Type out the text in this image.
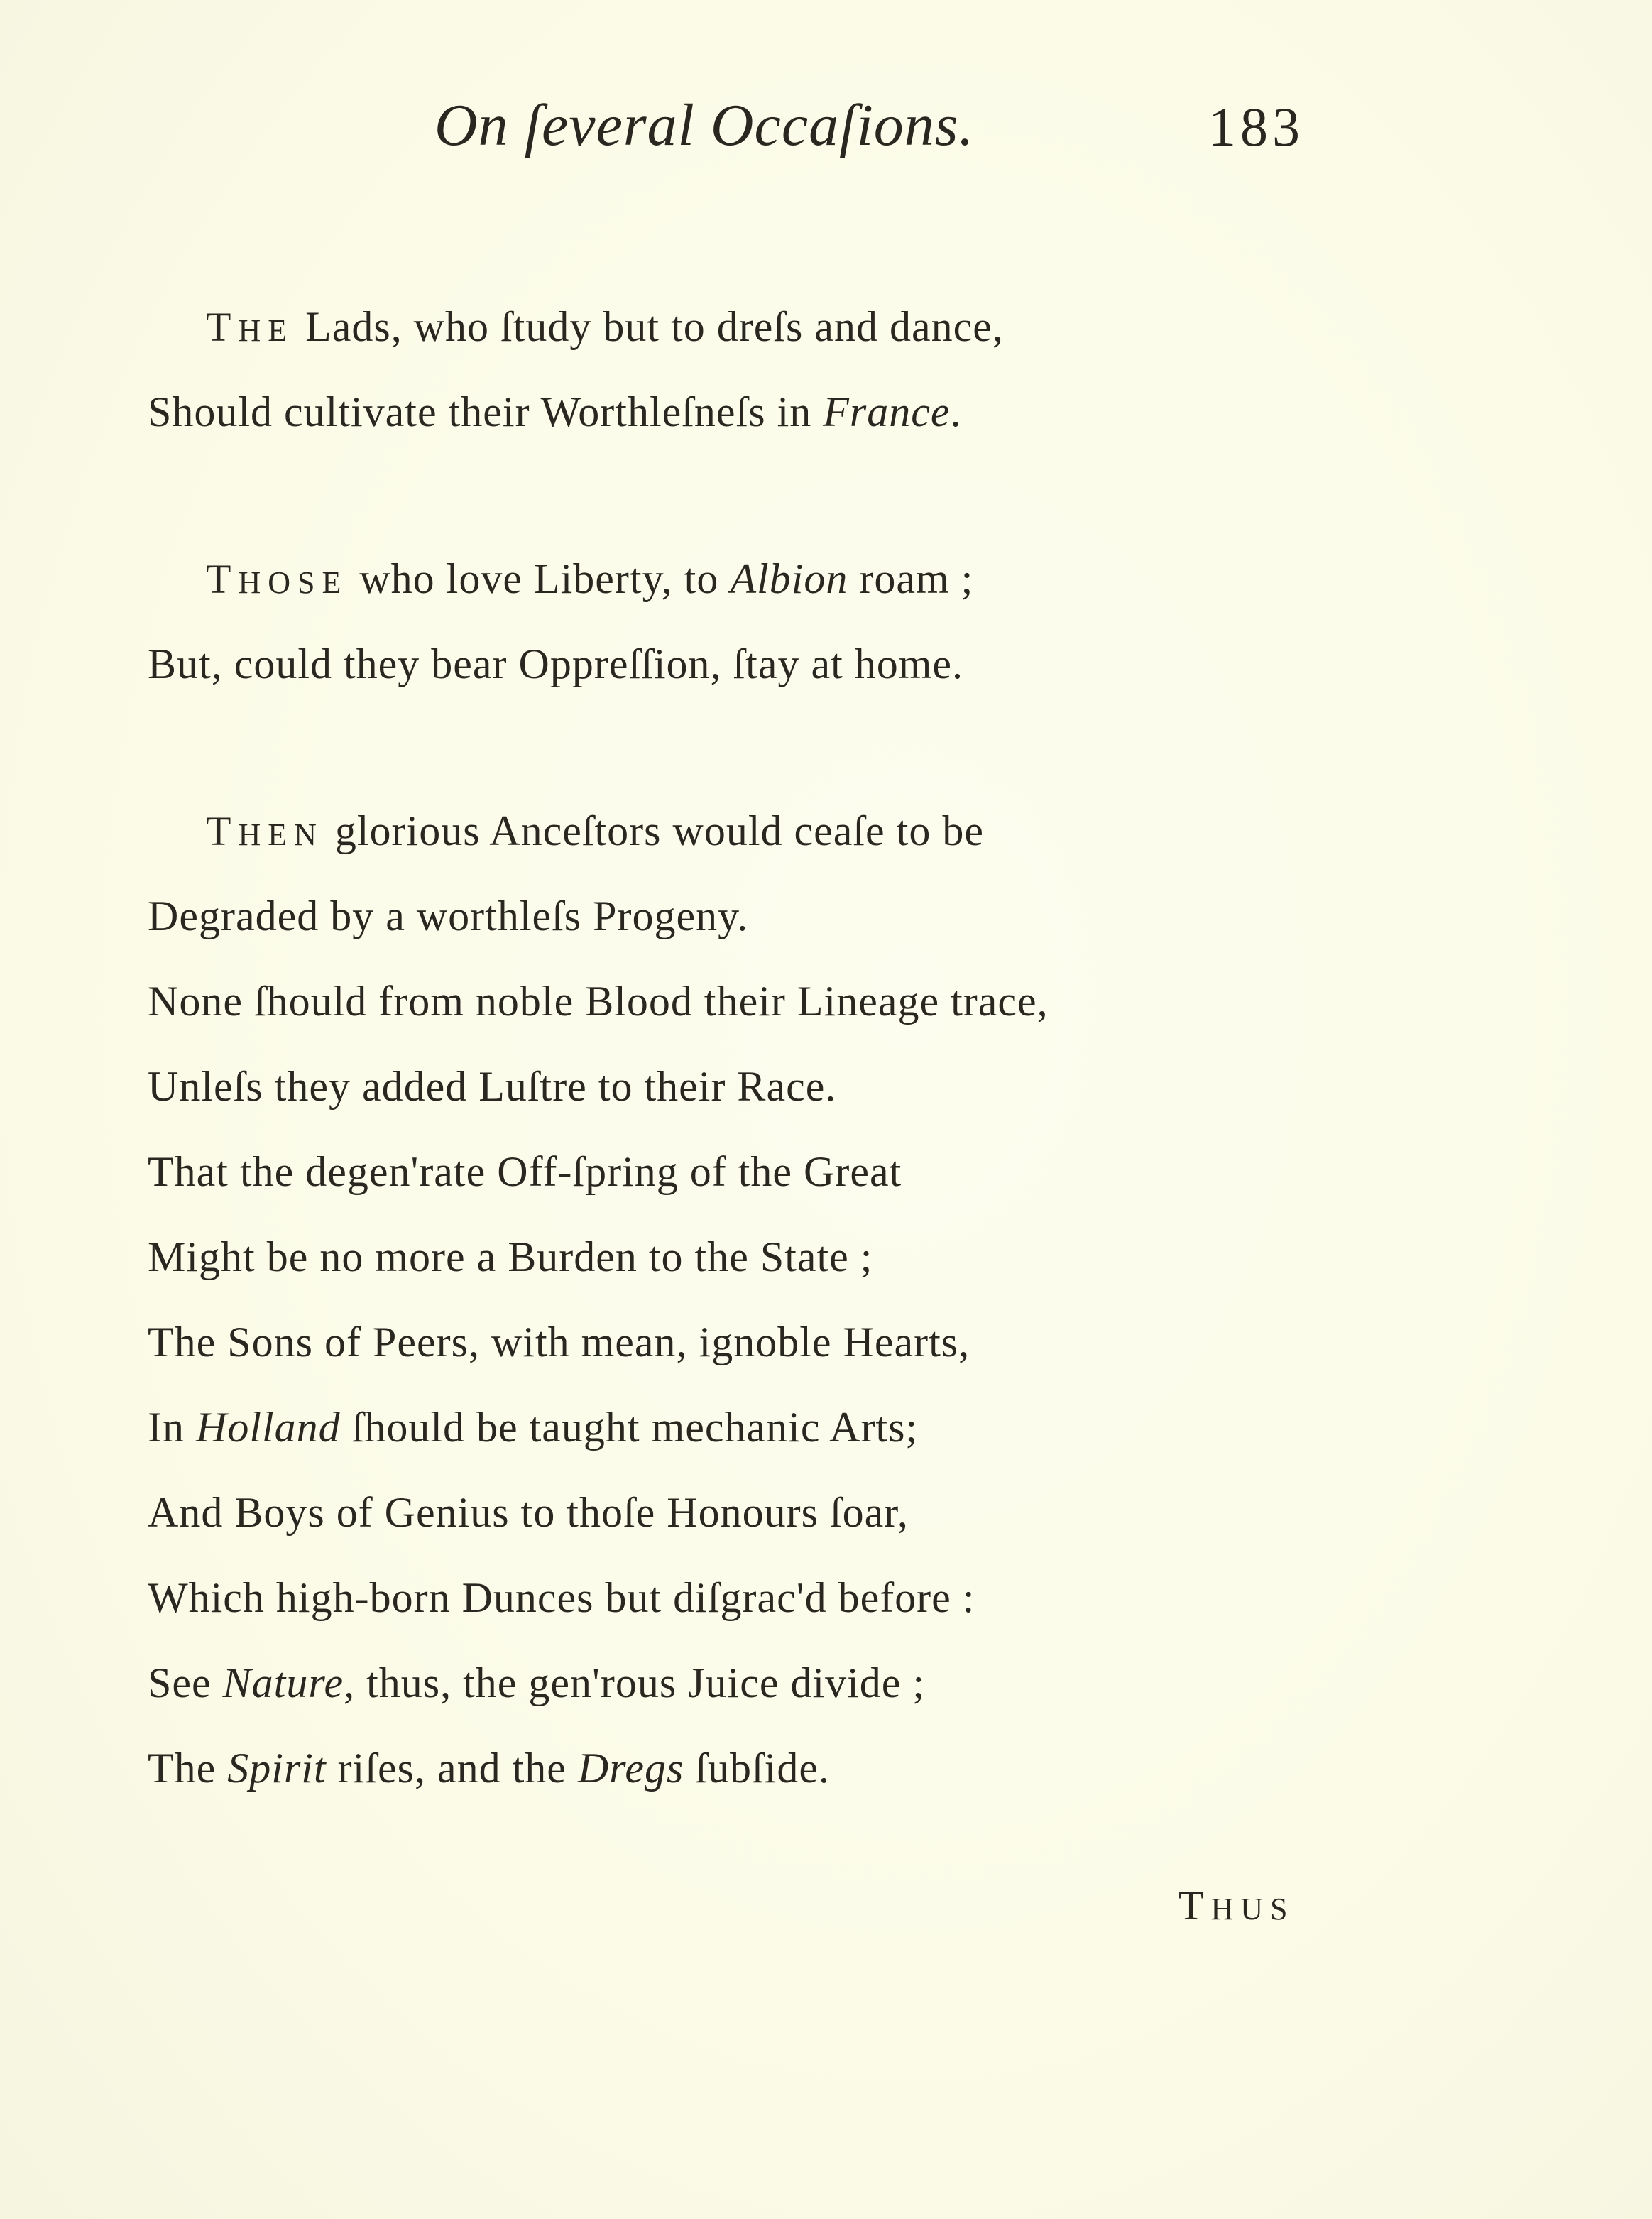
On ſeveral Occaſions.	183
THE Lads, who ſtudy but to dreſs and dance,
Should cultivate their Worthleſneſs in France.
THOSE who love Liberty, to Albion roam ;
But, could they bear Oppreſſion, ſtay at home.
THEN glorious Anceſtors would ceaſe to be
Degraded by a worthleſs Progeny.
None ſhould from noble Blood their Lineage trace,
Unleſs they added Luſtre to their Race.
That the degen'rate Off-ſpring of the Great
Might be no more a Burden to the State ;
The Sons of Peers, with mean, ignoble Hearts,
In Holland ſhould be taught mechanic Arts;
And Boys of Genius to thoſe Honours ſoar,
Which high-born Dunces but diſgrac'd before :
See Nature, thus, the gen'rous Juice divide ;
The Spirit riſes, and the Dregs ſubſide.
THUS
